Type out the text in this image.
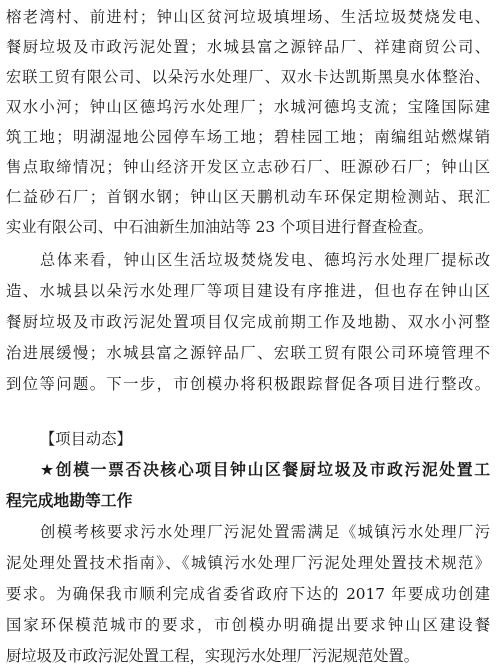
榕老湾村、前进村；钟山区贫河垃圾填埋场、生活垃圾焚烧发电、
餐厨垃圾及市政污泥处置；水城县富之源锌品厂、祥建商贸公司、
宏联工贸有限公司、以朵污水处理厂、双水卡达凯斯黑臭水体整治、
双水小河；钟山区德坞污水处理厂；水城河德坞支流；宝隆国际建
筑工地；明湖湿地公园停车场工地；碧桂园工地；南编组站燃煤销
售点取缔情况；钟山经济开发区立志砂石厂、旺源砂石厂；钟山区
仁益砂石厂；首钢水钢；钟山区天鹏机动车环保定期检测站、珉汇
实业有限公司、中石油新生加油站等 23 个项目进行督查检查。
总体来看，钟山区生活垃圾焚烧发电、德坞污水处理厂提标改
造、水城县以朵污水处理厂等项目建设有序推进，但也存在钟山区
餐厨垃圾及市政污泥处置项目仅完成前期工作及地勘、双水小河整
治进展缓慢；水城县富之源锌品厂、宏联工贸有限公司环境管理不
到位等问题。下一步，市创模办将积极跟踪督促各项目进行整改。
【项目动态】
★创模一票否决核心项目钟山区餐厨垃圾及市政污泥处置工
程完成地勘等工作
创模考核要求污水处理厂污泥处置需满足《城镇污水处理厂污
泥处理处置技术指南》、《城镇污水处理厂污泥处理处置技术规范》
要求。为确保我市顺利完成省委省政府下达的 2017 年要成功创建
国家环保模范城市的要求，市创模办明确提出要求钟山区建设餐
厨垃圾及市政污泥处置工程，实现污水处理厂污泥规范处置。
